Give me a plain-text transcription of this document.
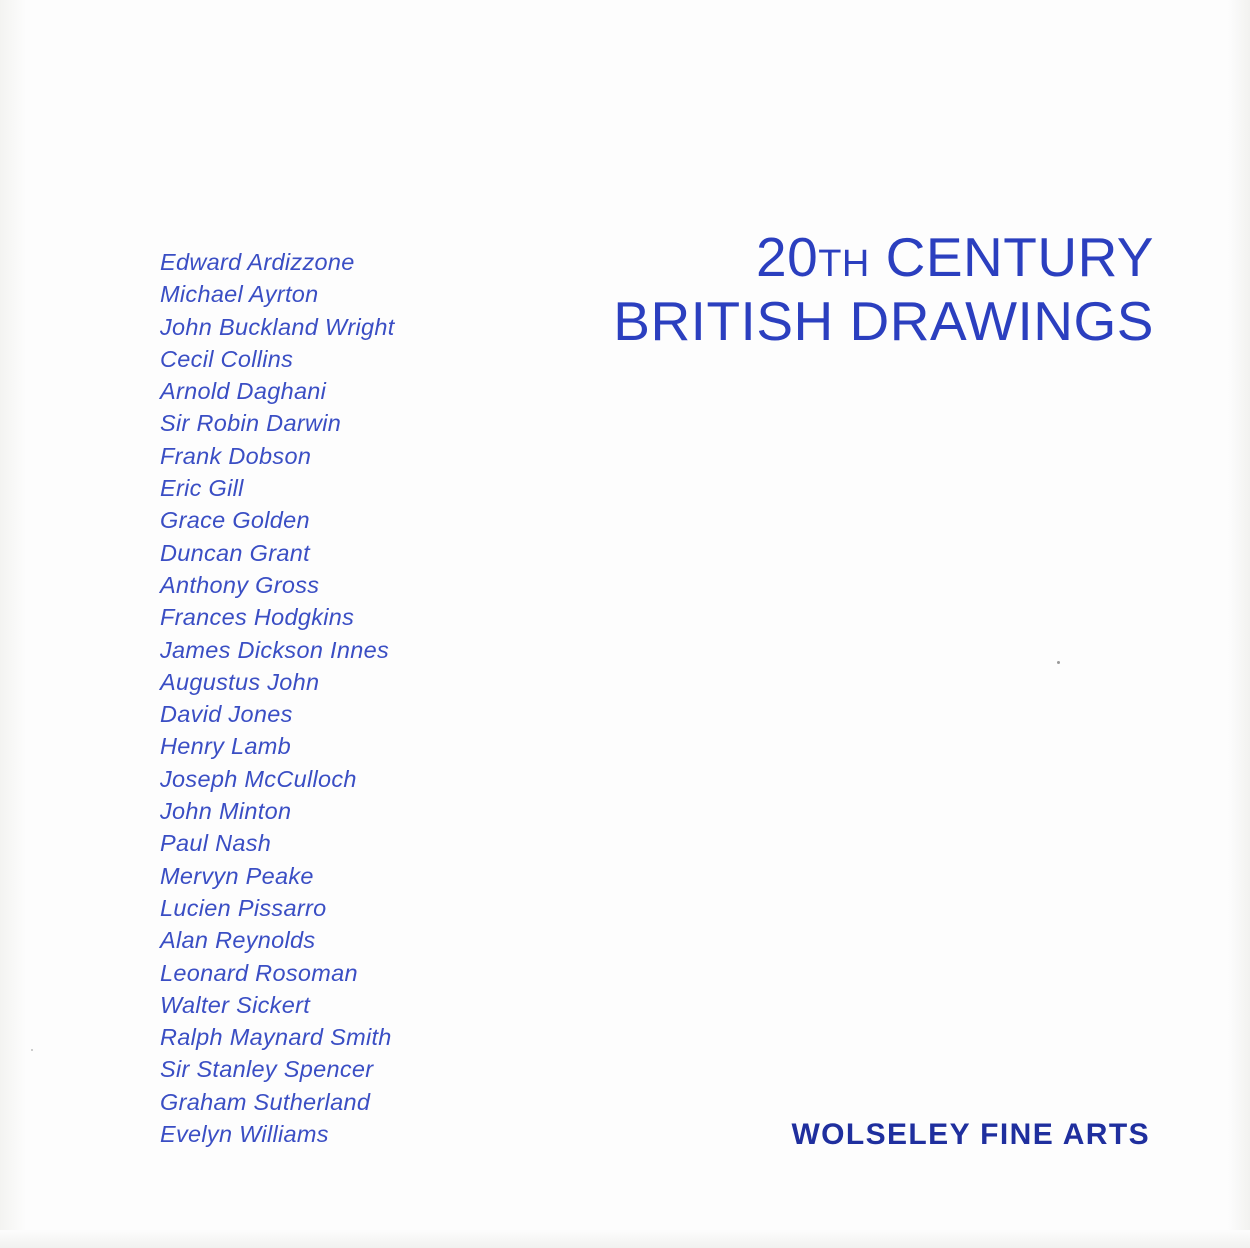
20TH CENTURY
BRITISH DRAWINGS
Edward Ardizzone
Michael Ayrton
John Buckland Wright
Cecil Collins
Arnold Daghani
Sir Robin Darwin
Frank Dobson
Eric Gill
Grace Golden
Duncan Grant
Anthony Gross
Frances Hodgkins
James Dickson Innes
Augustus John
David Jones
Henry Lamb
Joseph McCulloch
John Minton
Paul Nash
Mervyn Peake
Lucien Pissarro
Alan Reynolds
Leonard Rosoman
Walter Sickert
Ralph Maynard Smith
Sir Stanley Spencer
Graham Sutherland
Evelyn Williams	WOLSELEY FINE ARTS
